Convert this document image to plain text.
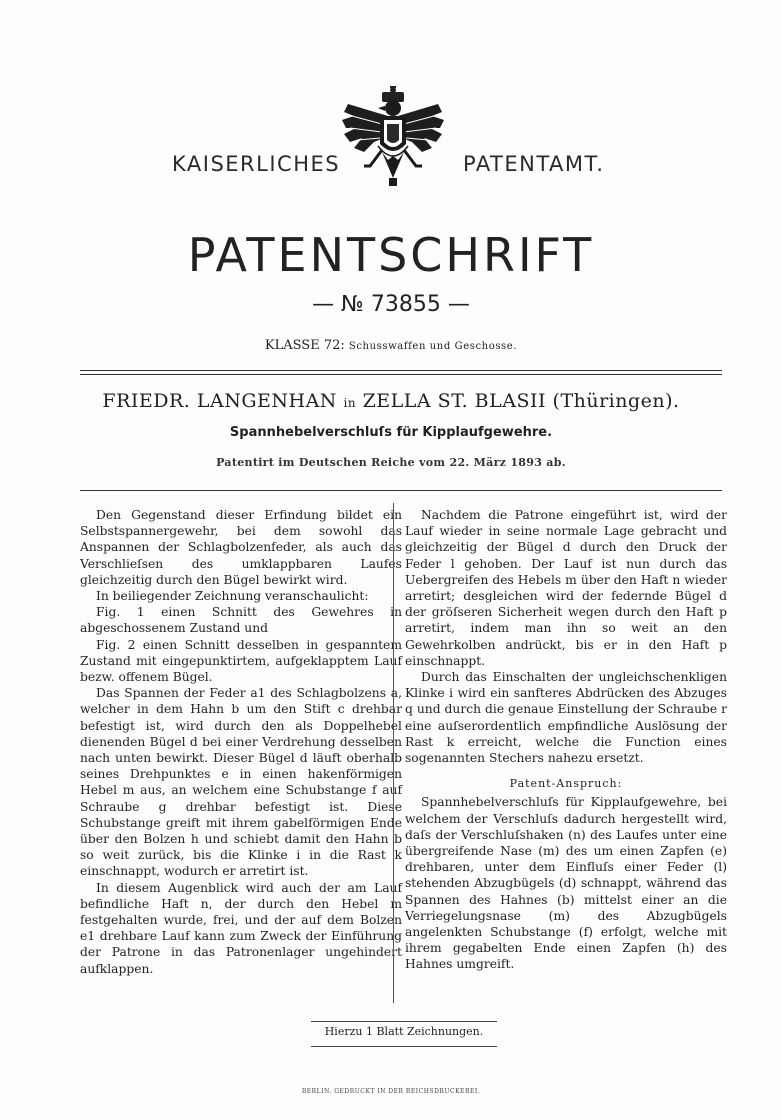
KAISERLICHES	PATENTAMT.
PATENTSCHRIFT
— № 73855 —
KLASSE 72: Schusswaffen und Geschosse.
FRIEDR. LANGENHAN in ZELLA ST. BLASII (Thüringen).
Spannhebelverschluſs für Kipplaufgewehre.
Patentirt im Deutschen Reiche vom 22. März 1893 ab.

Den Gegenstand dieser Erfindung bildet ein Selbstspannergewehr, bei dem sowohl das Anspannen der Schlagbolzenfeder, als auch das Verschlieſsen des umklappbaren Laufes gleichzeitig durch den Bügel bewirkt wird.

In beiliegender Zeichnung veranschaulicht:

Fig. 1 einen Schnitt des Gewehres in abgeschossenem Zustand und

Fig. 2 einen Schnitt desselben in gespanntem Zustand mit eingepunktirtem, aufgeklapptem Lauf bezw. offenem Bügel.

Das Spannen der Feder a1 des Schlagbolzens a, welcher in dem Hahn b um den Stift c drehbar befestigt ist, wird durch den als Doppelhebel dienenden Bügel d bei einer Verdrehung desselben nach unten bewirkt. Dieser Bügel d läuft oberhalb seines Drehpunktes e in einen hakenförmigen Hebel m aus, an welchem eine Schubstange f auf Schraube g drehbar befestigt ist. Diese Schubstange greift mit ihrem gabelförmigen Ende über den Bolzen h und schiebt damit den Hahn b so weit zurück, bis die Klinke i in die Rast k einschnappt, wodurch er arretirt ist.

In diesem Augenblick wird auch der am Lauf befindliche Haft n, der durch den Hebel m festgehalten wurde, frei, und der auf dem Bolzen e1 drehbare Lauf kann zum Zweck der Einführung der Patrone in das Patronenlager ungehindert aufklappen.

Nachdem die Patrone eingeführt ist, wird der Lauf wieder in seine normale Lage gebracht und gleichzeitig der Bügel d durch den Druck der Feder l gehoben. Der Lauf ist nun durch das Uebergreifen des Hebels m über den Haft n wieder arretirt; desgleichen wird der federnde Bügel d der gröſseren Sicherheit wegen durch den Haft p arretirt, indem man ihn so weit an den Gewehrkolben andrückt, bis er in den Haft p einschnappt.

Durch das Einschalten der ungleichschenkligen Klinke i wird ein sanfteres Abdrücken des Abzuges q und durch die genaue Einstellung der Schraube r eine auſserordentlich empfindliche Auslösung der Rast k erreicht, welche die Function eines sogenannten Stechers nahezu ersetzt.

Patent-Anspruch:

Spannhebelverschluſs für Kipplaufgewehre, bei welchem der Verschluſs dadurch hergestellt wird, daſs der Verschluſshaken (n) des Laufes unter eine übergreifende Nase (m) des um einen Zapfen (e) drehbaren, unter dem Einfluſs einer Feder (l) stehenden Abzugbügels (d) schnappt, während das Spannen des Hahnes (b) mittelst einer an die Verriegelungsnase (m) des Abzugbügels angelenkten Schubstange (f) erfolgt, welche mit ihrem gegabelten Ende einen Zapfen (h) des Hahnes umgreift.

Hierzu 1 Blatt Zeichnungen.
BERLIN. GEDRUCKT IN DER REICHSDRUCKEREI.
